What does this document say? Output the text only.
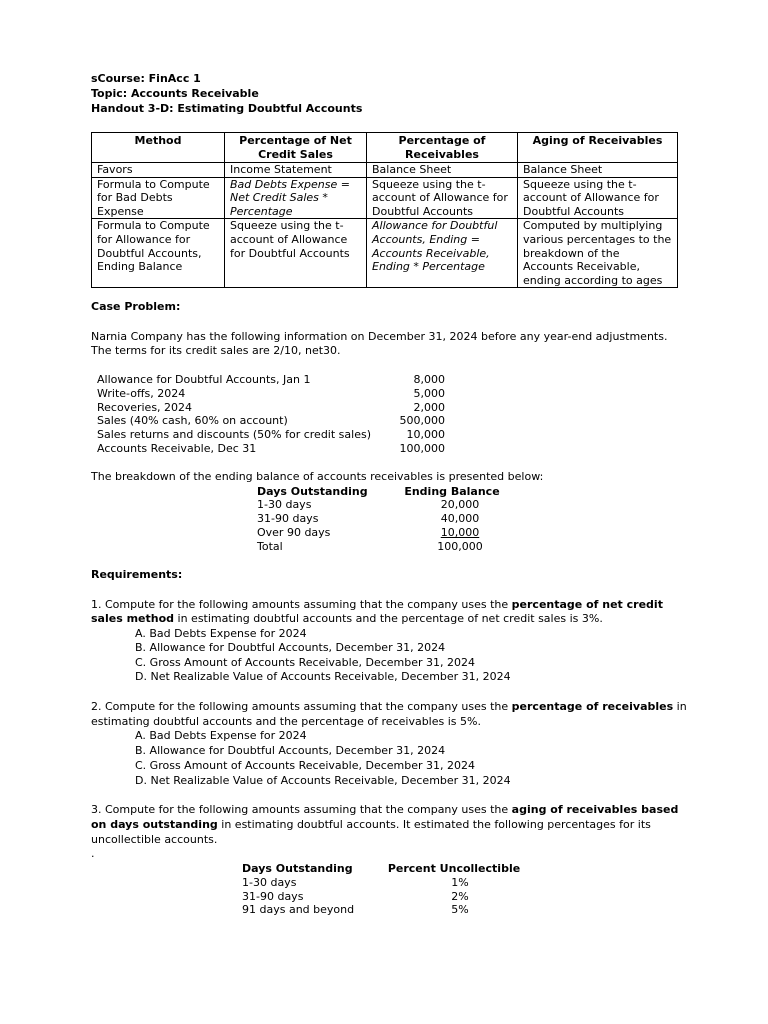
sCourse: FinAcc 1
Topic: Accounts Receivable
Handout 3-D: Estimating Doubtful Accounts
Method	Percentage of Net Credit Sales	Percentage of Receivables	Aging of Receivables
Favors	Income Statement	Balance Sheet	Balance Sheet
Formula to Compute for Bad Debts Expense	Bad Debts Expense = Net Credit Sales * Percentage	Squeeze using the t-account of Allowance for Doubtful Accounts	Squeeze using the t-account of Allowance for Doubtful Accounts
Formula to Compute for Allowance for Doubtful Accounts, Ending Balance	Squeeze using the t-account of Allowance for Doubtful Accounts	Allowance for Doubtful Accounts, Ending = Accounts Receivable, Ending * Percentage	Computed by multiplying various percentages to the breakdown of the Accounts Receivable, ending according to ages
Case Problem:
Narnia Company has the following information on December 31, 2024 before any year-end adjustments.
The terms for its credit sales are 2/10, net30.
Allowance for Doubtful Accounts, Jan 1	8,000
Write-offs, 2024	5,000
Recoveries, 2024	2,000
Sales (40% cash, 60% on account)	500,000
Sales returns and discounts (50% for credit sales)	10,000
Accounts Receivable, Dec 31	100,000
The breakdown of the ending balance of accounts receivables is presented below:
Days Outstanding	Ending Balance
1-30 days	20,000
31-90 days	40,000
Over 90 days	10,000
Total	100,000
Requirements:
1. Compute for the following amounts assuming that the company uses the percentage of net credit
sales method in estimating doubtful accounts and the percentage of net credit sales is 3%.
A. Bad Debts Expense for 2024
B. Allowance for Doubtful Accounts, December 31, 2024
C. Gross Amount of Accounts Receivable, December 31, 2024
D. Net Realizable Value of Accounts Receivable, December 31, 2024
2. Compute for the following amounts assuming that the company uses the percentage of receivables in
estimating doubtful accounts and the percentage of receivables is 5%.
A. Bad Debts Expense for 2024
B. Allowance for Doubtful Accounts, December 31, 2024
C. Gross Amount of Accounts Receivable, December 31, 2024
D. Net Realizable Value of Accounts Receivable, December 31, 2024
3. Compute for the following amounts assuming that the company uses the aging of receivables based
on days outstanding in estimating doubtful accounts. It estimated the following percentages for its
uncollectible accounts.
.
Days Outstanding	Percent Uncollectible
1-30 days	1%
31-90 days	2%
91 days and beyond	5%
